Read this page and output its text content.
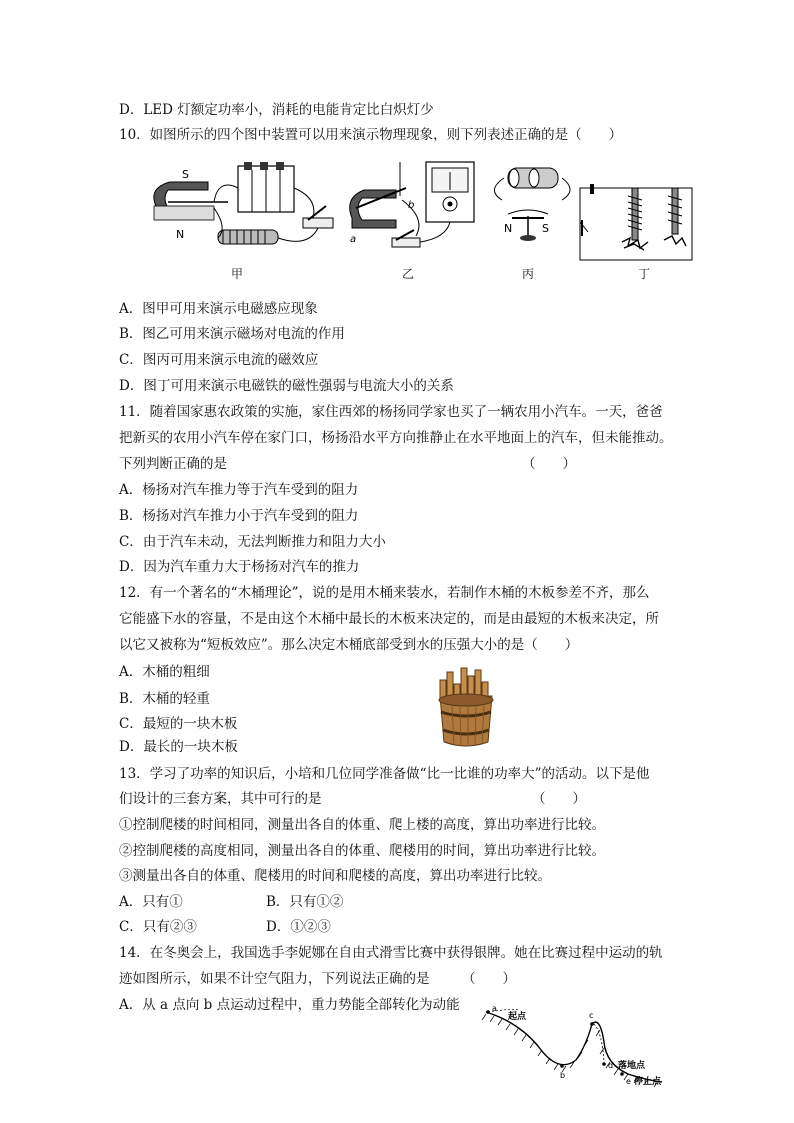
D．LED 灯额定功率小，消耗的电能肯定比白炽灯少
10．如图所示的四个图中装置可以用来演示物理现象，则下列表述正确的是（　　）
S
N
甲
a
b
乙
N	S
丙	丁
A．图甲可用来演示电磁感应现象
B．图乙可用来演示磁场对电流的作用
C．图丙可用来演示电流的磁效应
D．图丁可用来演示电磁铁的磁性强弱与电流大小的关系
11．随着国家惠农政策的实施，家住西郊的杨扬同学家也买了一辆农用小汽车。一天，爸爸
把新买的农用小汽车停在家门口，杨扬沿水平方向推静止在水平地面上的汽车，但未能推动。
下列判断正确的是	（　　）
A．杨扬对汽车推力等于汽车受到的阻力
B．杨扬对汽车推力小于汽车受到的阻力
C．由于汽车未动，无法判断推力和阻力大小
D．因为汽车重力大于杨扬对汽车的推力
12．有一个著名的“木桶理论”，说的是用木桶来装水，若制作木桶的木板参差不齐，那么
它能盛下水的容量，不是由这个木桶中最长的木板来决定的，而是由最短的木板来决定，所
以它又被称为“短板效应”。那么决定木桶底部受到水的压强大小的是（　　）
A．木桶的粗细
B．木桶的轻重
C．最短的一块木板
D．最长的一块木板
13．学习了功率的知识后，小培和几位同学准备做“比一比谁的功率大”的活动。以下是他
们设计的三套方案，其中可行的是	（　　）
①控制爬楼的时间相同，测量出各自的体重、爬上楼的高度，算出功率进行比较。
②控制爬楼的高度相同，测量出各自的体重、爬楼用的时间，算出功率进行比较。
③测量出各自的体重、爬楼用的时间和爬楼的高度，算出功率进行比较。
A．只有①	B．只有①②
C．只有②③	D．①②③
14．在冬奥会上，我国选手李妮娜在自由式滑雪比赛中获得银牌。她在比赛过程中运动的轨
迹如图所示，如果不计空气阻力，下列说法正确的是 （　　）
A．从 a 点向 b 点运动过程中，重力势能全部转化为动能	a
起点
b
c
d 落地点
e 停止点
